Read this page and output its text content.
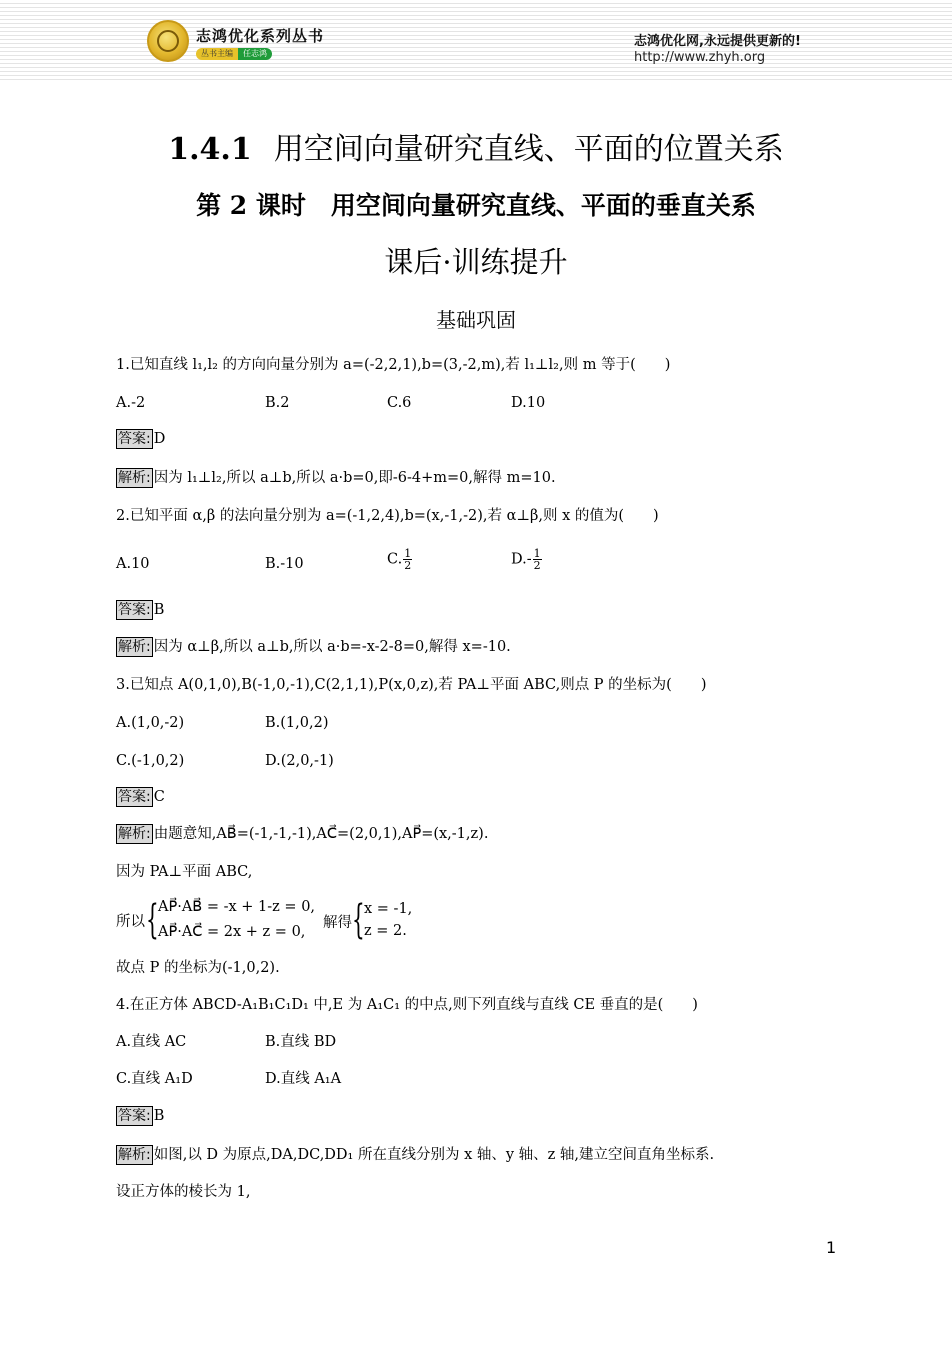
志鸿优化系列丛书
丛书主编 任志鸿
志鸿优化网,永远提供更新的!
http://www.zhyh.org
1.4.1 用空间向量研究直线、平面的位置关系
第 2 课时　用空间向量研究直线、平面的垂直关系
课后·训练提升
基础巩固
1.已知直线 l₁,l₂ 的方向向量分别为 a=(-2,2,1),b=(3,-2,m),若 l₁⊥l₂,则 m 等于(　　)
A.-2	B.2	C.6	D.10
答案: D
解析: 因为 l₁⊥l₂,所以 a⊥b,所以 a·b=0,即-6-4+m=0,解得 m=10.
2.已知平面 α,β 的法向量分别为 a=(-1,2,4),b=(x,-1,-2),若 α⊥β,则 x 的值为(　　)
A.10	B.-10	C. $\frac{1}{2}$	$D.- \frac{1}{2}$
答案: B
解析: 因为 α⊥β,所以 a⊥b,所以 a·b=-x-2-8=0,解得 x=-10.
3.已知点 A(0,1,0),B(-1,0,-1),C(2,1,1),P(x,0,z),若 PA⊥平面 ABC,则点 P 的坐标为(　　)
A.(1,0,-2)	B.(1,0,2)
C.(-1,0,2)	D.(2,0,-1)
答案: C
解析: 由题意知,AB⃗=(-1,-1,-1),AC⃗=(2,0,1),AP⃗=(x,-1,z).
因为 PA⊥平面 ABC,
所以 { AP⃗·AB⃗ = -x + 1-z = 0,
AP⃗·AC⃗ = 2x + z = 0,
解得 { x = -1,
z = 2.
故点 P 的坐标为(-1,0,2).
4.在正方体 ABCD-A₁B₁C₁D₁ 中,E 为 A₁C₁ 的中点,则下列直线与直线 CE 垂直的是(　　)
A.直线 AC	B.直线 BD
C.直线 A₁D	D.直线 A₁A
答案: B
解析: 如图,以 D 为原点,DA,DC,DD₁ 所在直线分别为 x 轴、y 轴、z 轴,建立空间直角坐标系.
设正方体的棱长为 1,
1
